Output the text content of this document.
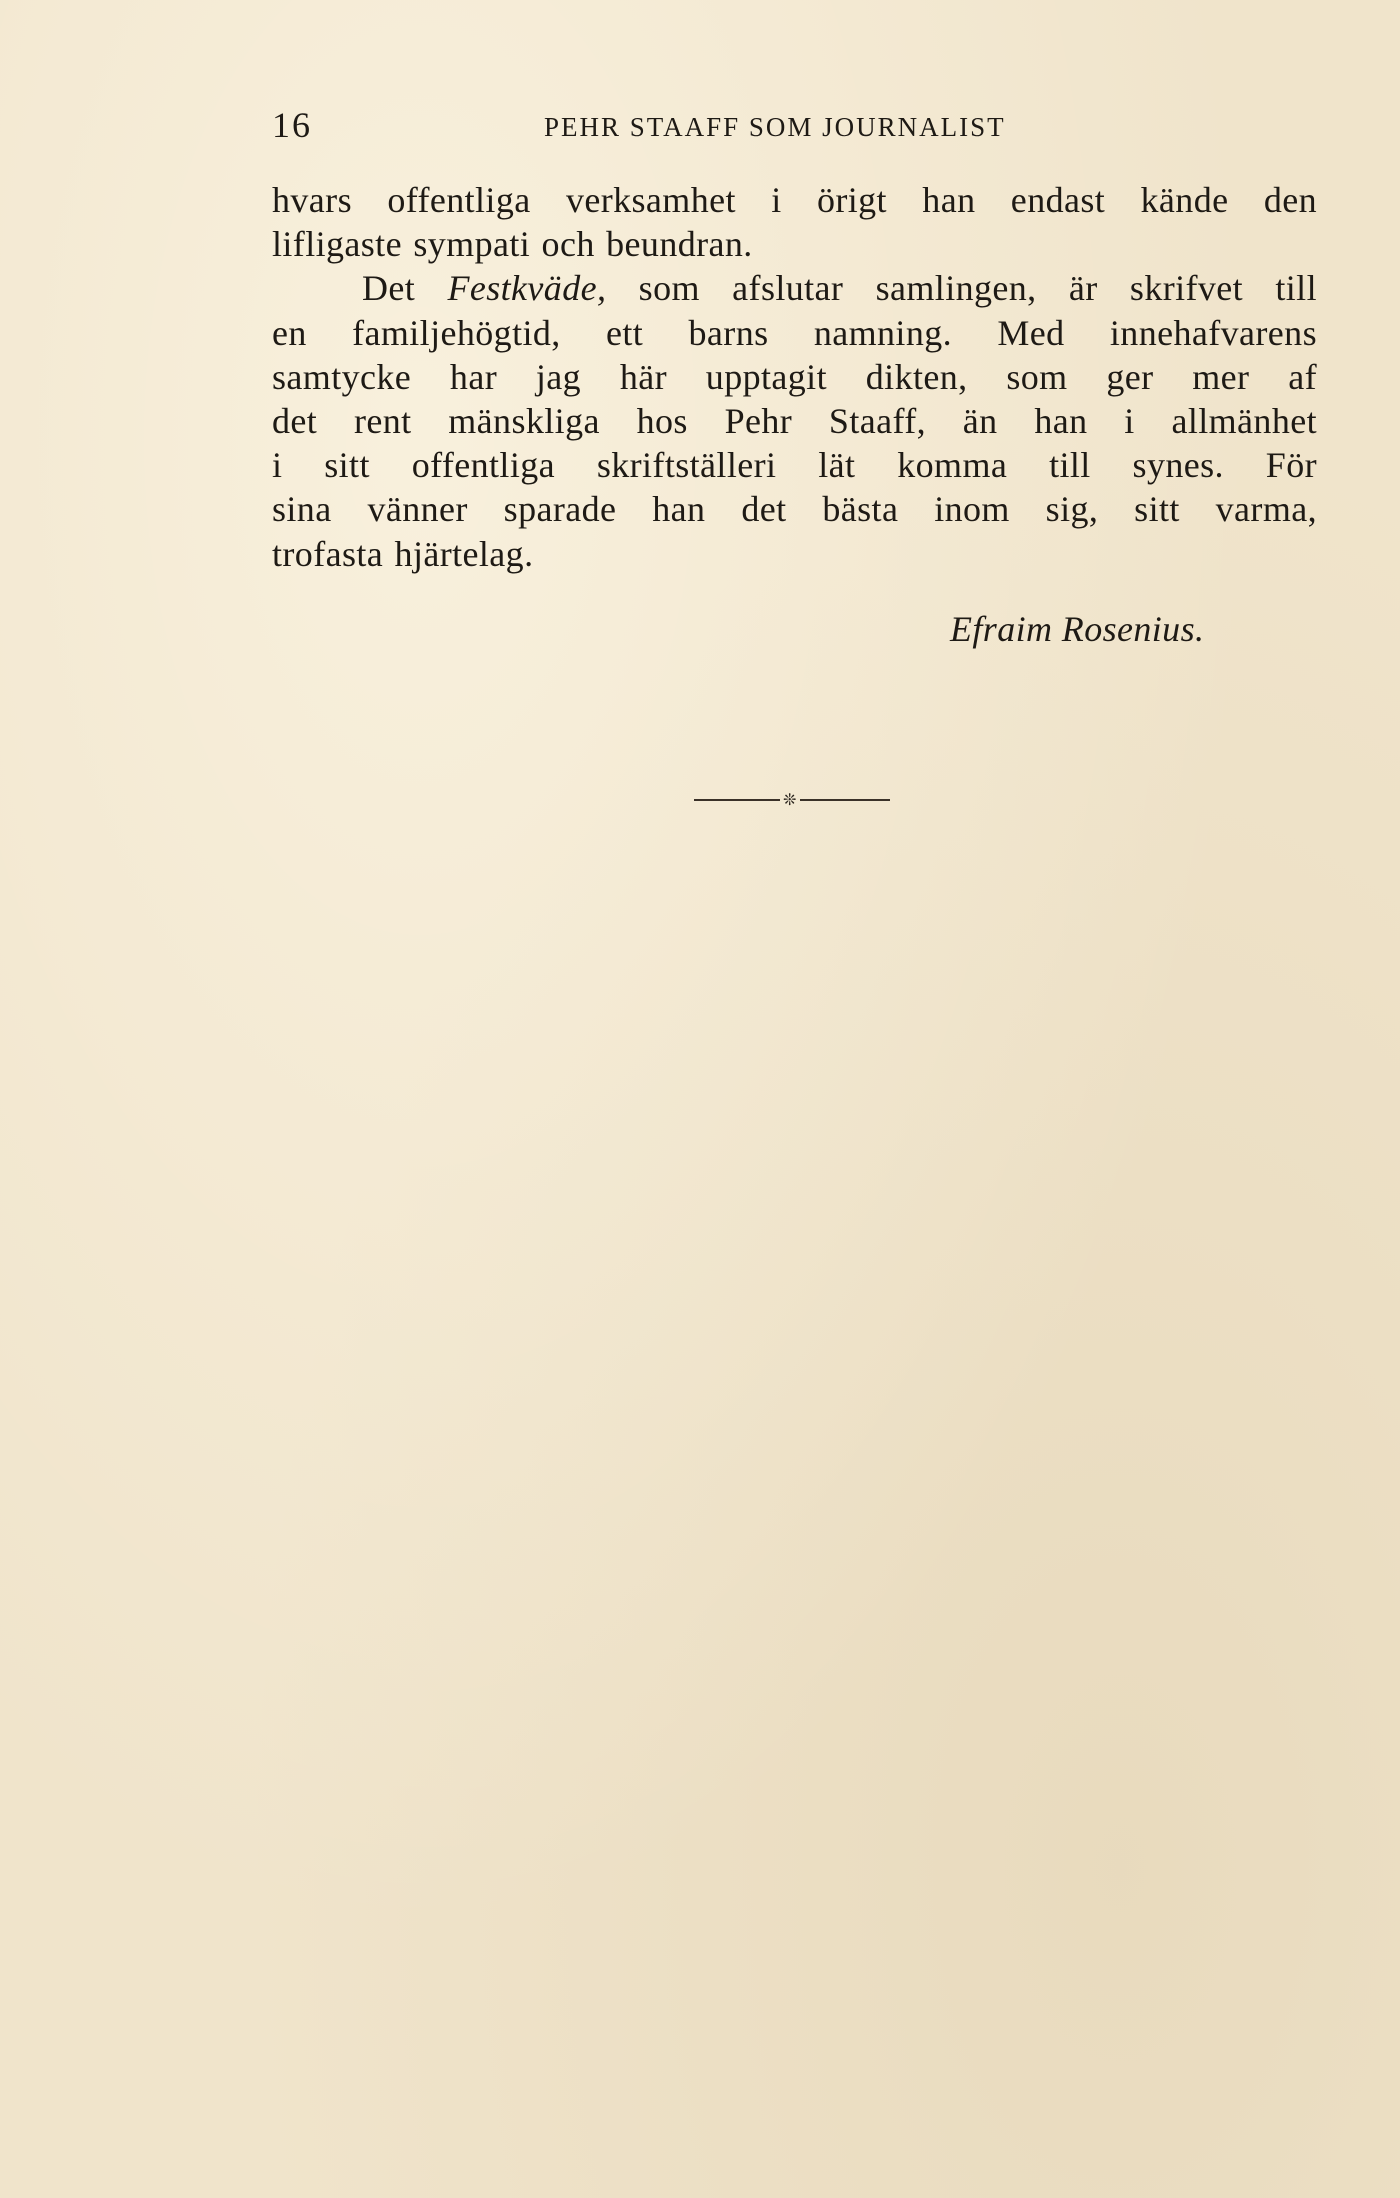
16	PEHR STAAFF SOM JOURNALIST
hvars offentliga verksamhet i örigt han endast kände den
lifligaste sympati och beundran.
Det Festkväde, som afslutar samlingen, är skrifvet till
en familjehögtid, ett barns namning. Med innehafvarens
samtycke har jag här upptagit dikten, som ger mer af
det rent mänskliga hos Pehr Staaff, än han i allmänhet
i sitt offentliga skriftställeri lät komma till synes. För
sina vänner sparade han det bästa inom sig, sitt varma,
trofasta hjärtelag.
Efraim Rosenius.
❊
